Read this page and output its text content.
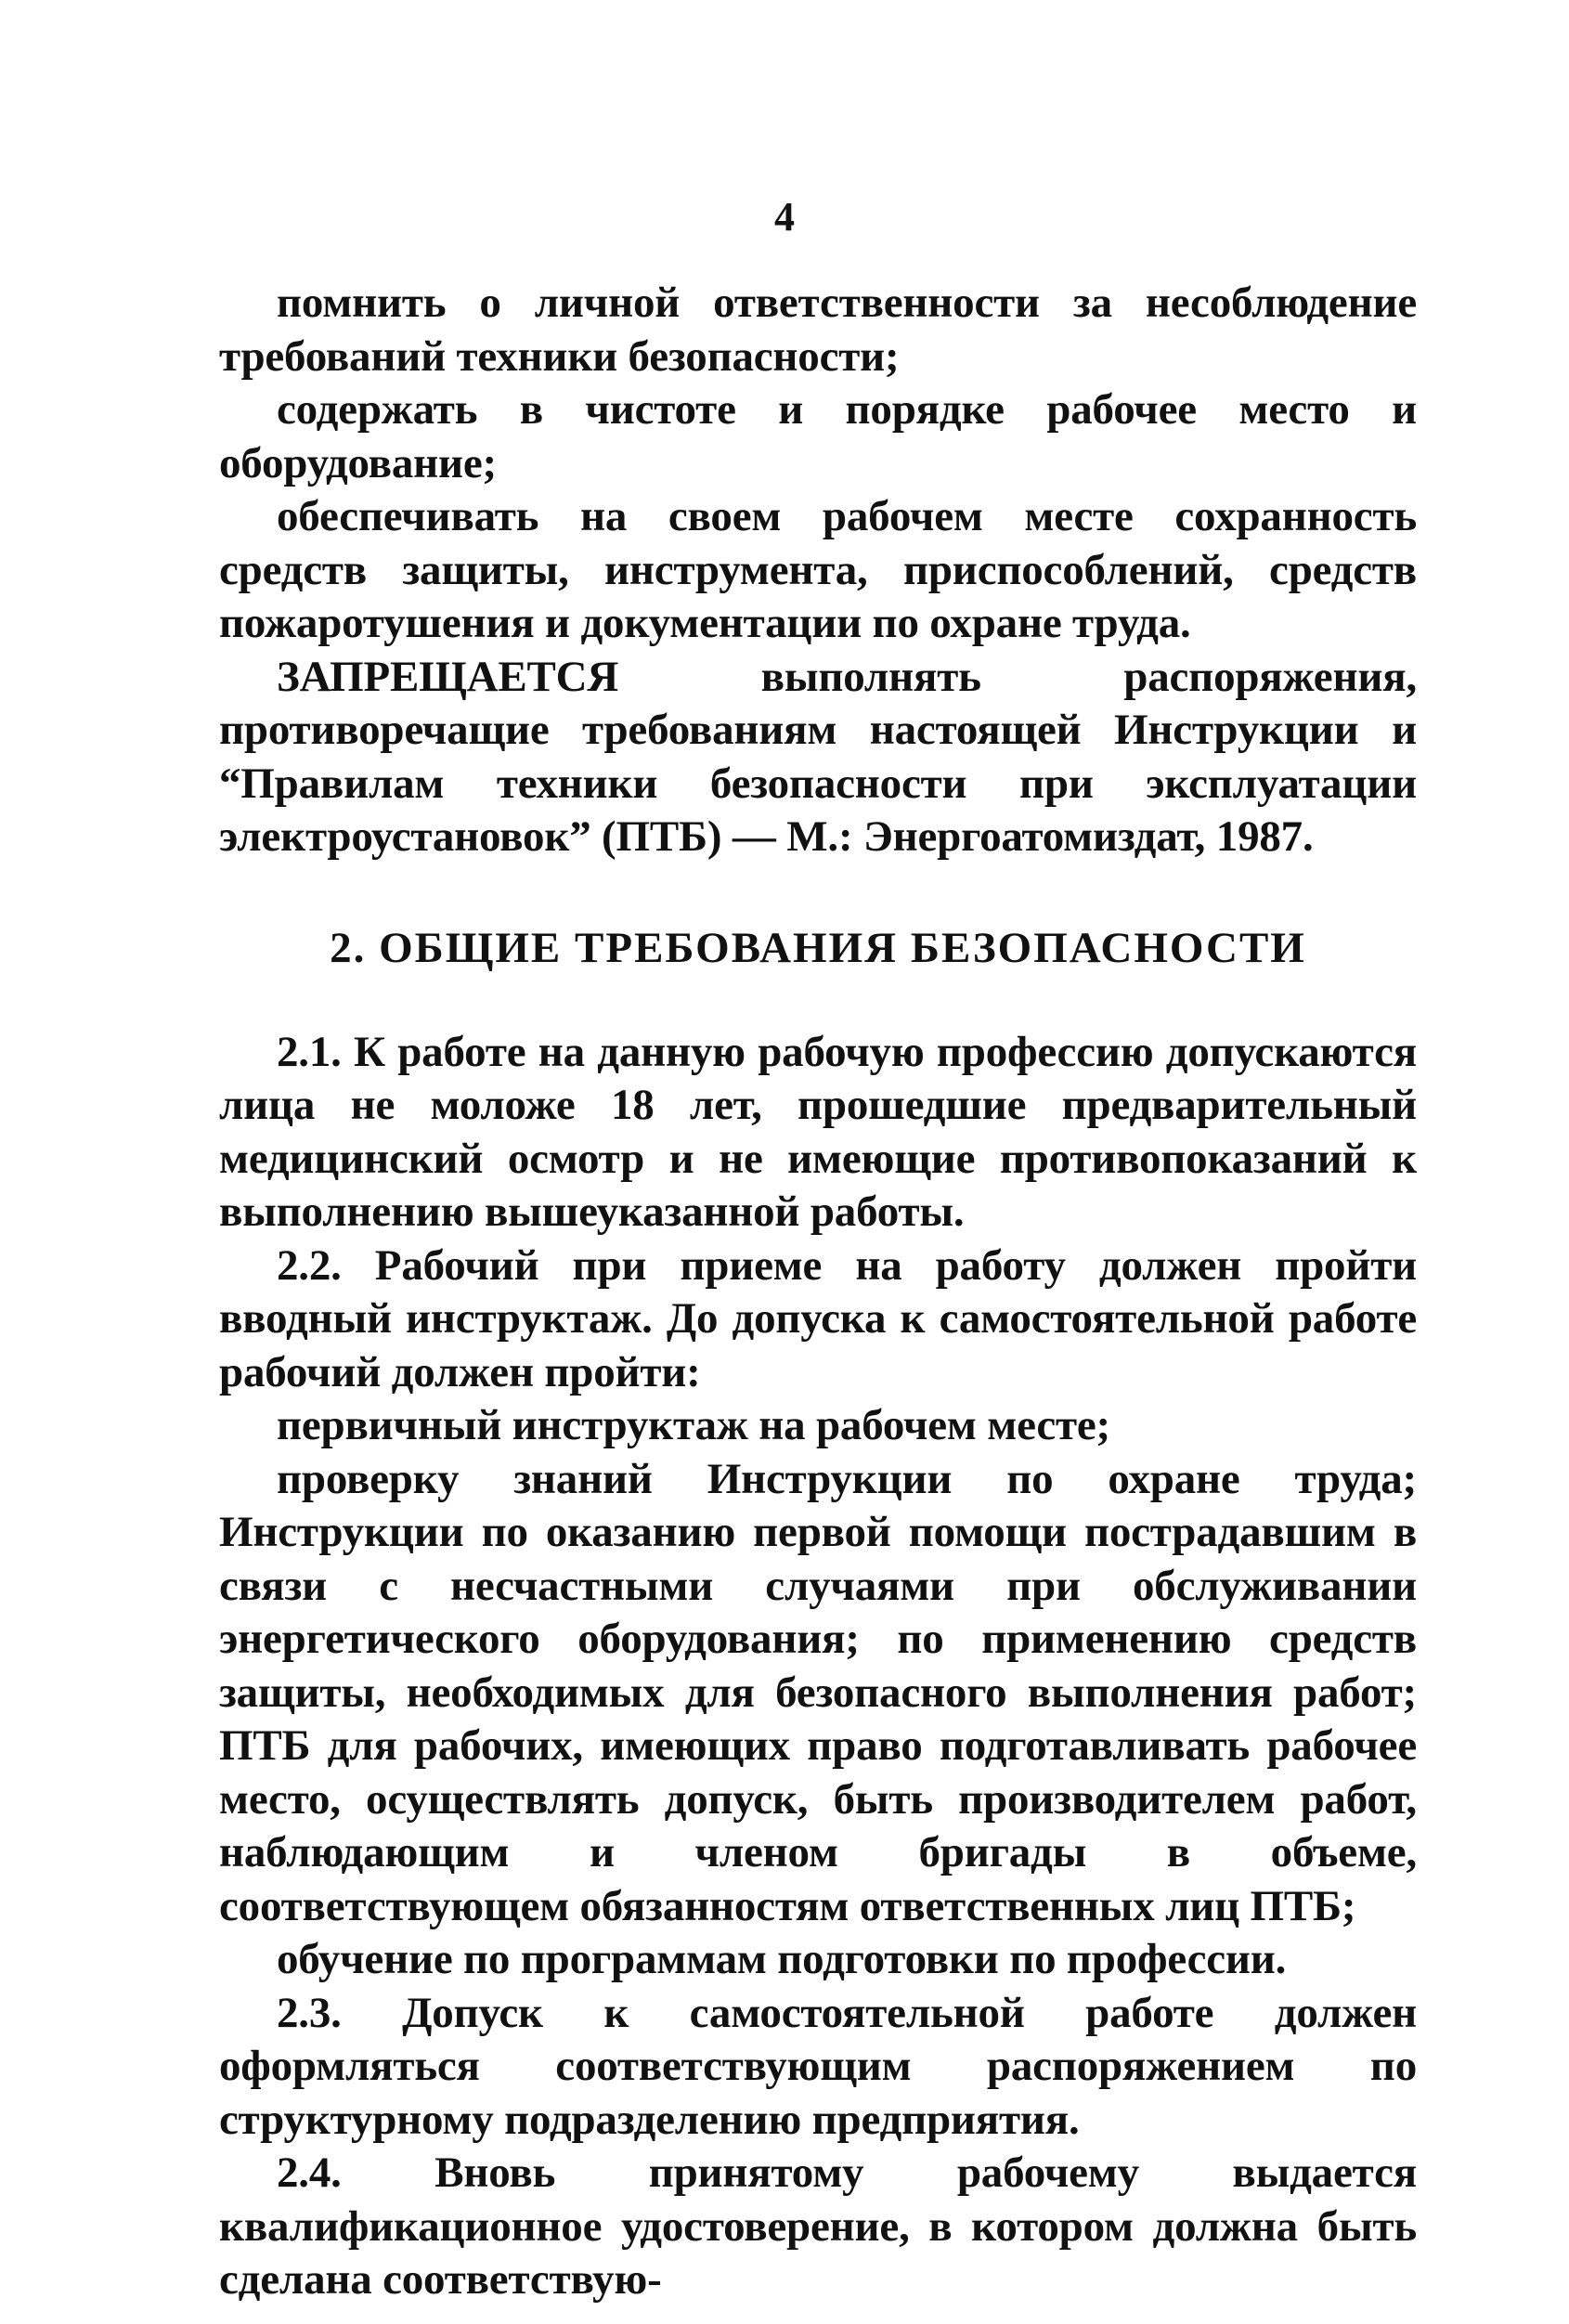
4

помнить о личной ответственности за несоблюдение требований техники безопасности;

содержать в чистоте и порядке рабочее место и оборудование;

обеспечивать на своем рабочем месте сохранность средств защиты, инструмента, приспособлений, средств пожаротушения и документации по охране труда.

ЗАПРЕЩАЕТСЯ выполнять распоряжения, противоречащие требованиям настоящей Инструкции и “Правилам техники безопасности при эксплуатации электроустановок” (ПТБ) — М.: Энергоатомиздат, 1987.

2. ОБЩИЕ ТРЕБОВАНИЯ БЕЗОПАСНОСТИ

2.1. К работе на данную рабочую профессию допускаются лица не моложе 18 лет, прошедшие предварительный медицинский осмотр и не имеющие противопоказаний к выполнению вышеуказанной работы.

2.2. Рабочий при приеме на работу должен пройти вводный инструктаж. До допуска к самостоятельной работе рабочий должен пройти:

первичный инструктаж на рабочем месте;

проверку знаний Инструкции по охране труда; Инструкции по оказанию первой помощи пострадавшим в связи с несчастными случаями при обслуживании энергетического оборудования; по применению средств защиты, необходимых для безопасного выполнения работ; ПТБ для рабочих, имеющих право подготавливать рабочее место, осуществлять допуск, быть производителем работ, наблюдающим и членом бригады в объеме, соответствующем обязанностям ответственных лиц ПТБ;

обучение по программам подготовки по профессии.

2.3. Допуск к самостоятельной работе должен оформляться соответствующим распоряжением по структурному подразделению предприятия.

2.4. Вновь принятому рабочему выдается квалификационное удостоверение, в котором должна быть сделана соответствую-
